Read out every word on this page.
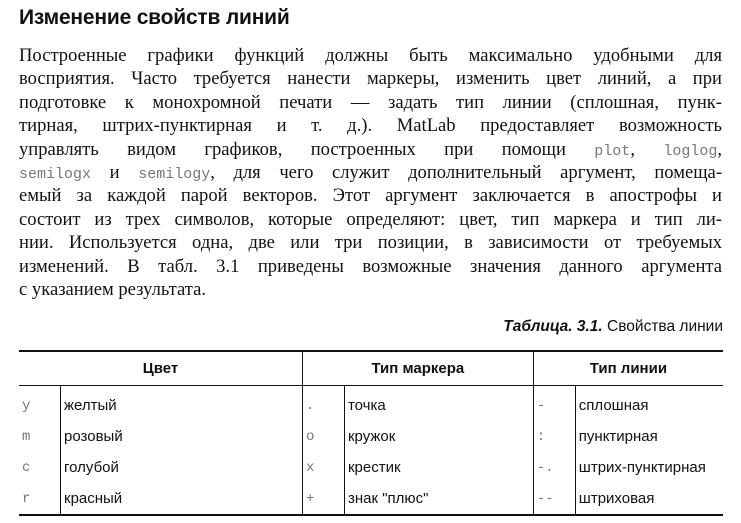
Изменение свойств линий
Построенные графики функций должны быть максимально удобными для
восприятия. Часто требуется нанести маркеры, изменить цвет линий, а при
подготовке к монохромной печати — задать тип линии (сплошная, пунк-
тирная, штрих-пунктирная и т. д.). MatLab предоставляет возможность
управлять видом графиков, построенных при помощи plot, loglog,
semilogx и semilogy, для чего служит дополнительный аргумент, помеща-
емый за каждой парой векторов. Этот аргумент заключается в апострофы и
состоит из трех символов, которые определяют: цвет, тип маркера и тип ли-
нии. Используется одна, две или три позиции, в зависимости от требуемых
изменений. В табл. 3.1 приведены возможные значения данного аргумента
с указанием результата.
Таблица. 3.1. Свойства линии
Цвет		Тип маркера		Тип линии	
y	желтый	.	точка	-	сплошная
m	розовый	o	кружок	:	пунктирная
c	голубой	x	крестик	-.	штрих-пунктирная
r	красный	+	знак "плюс"	--	штриховая
